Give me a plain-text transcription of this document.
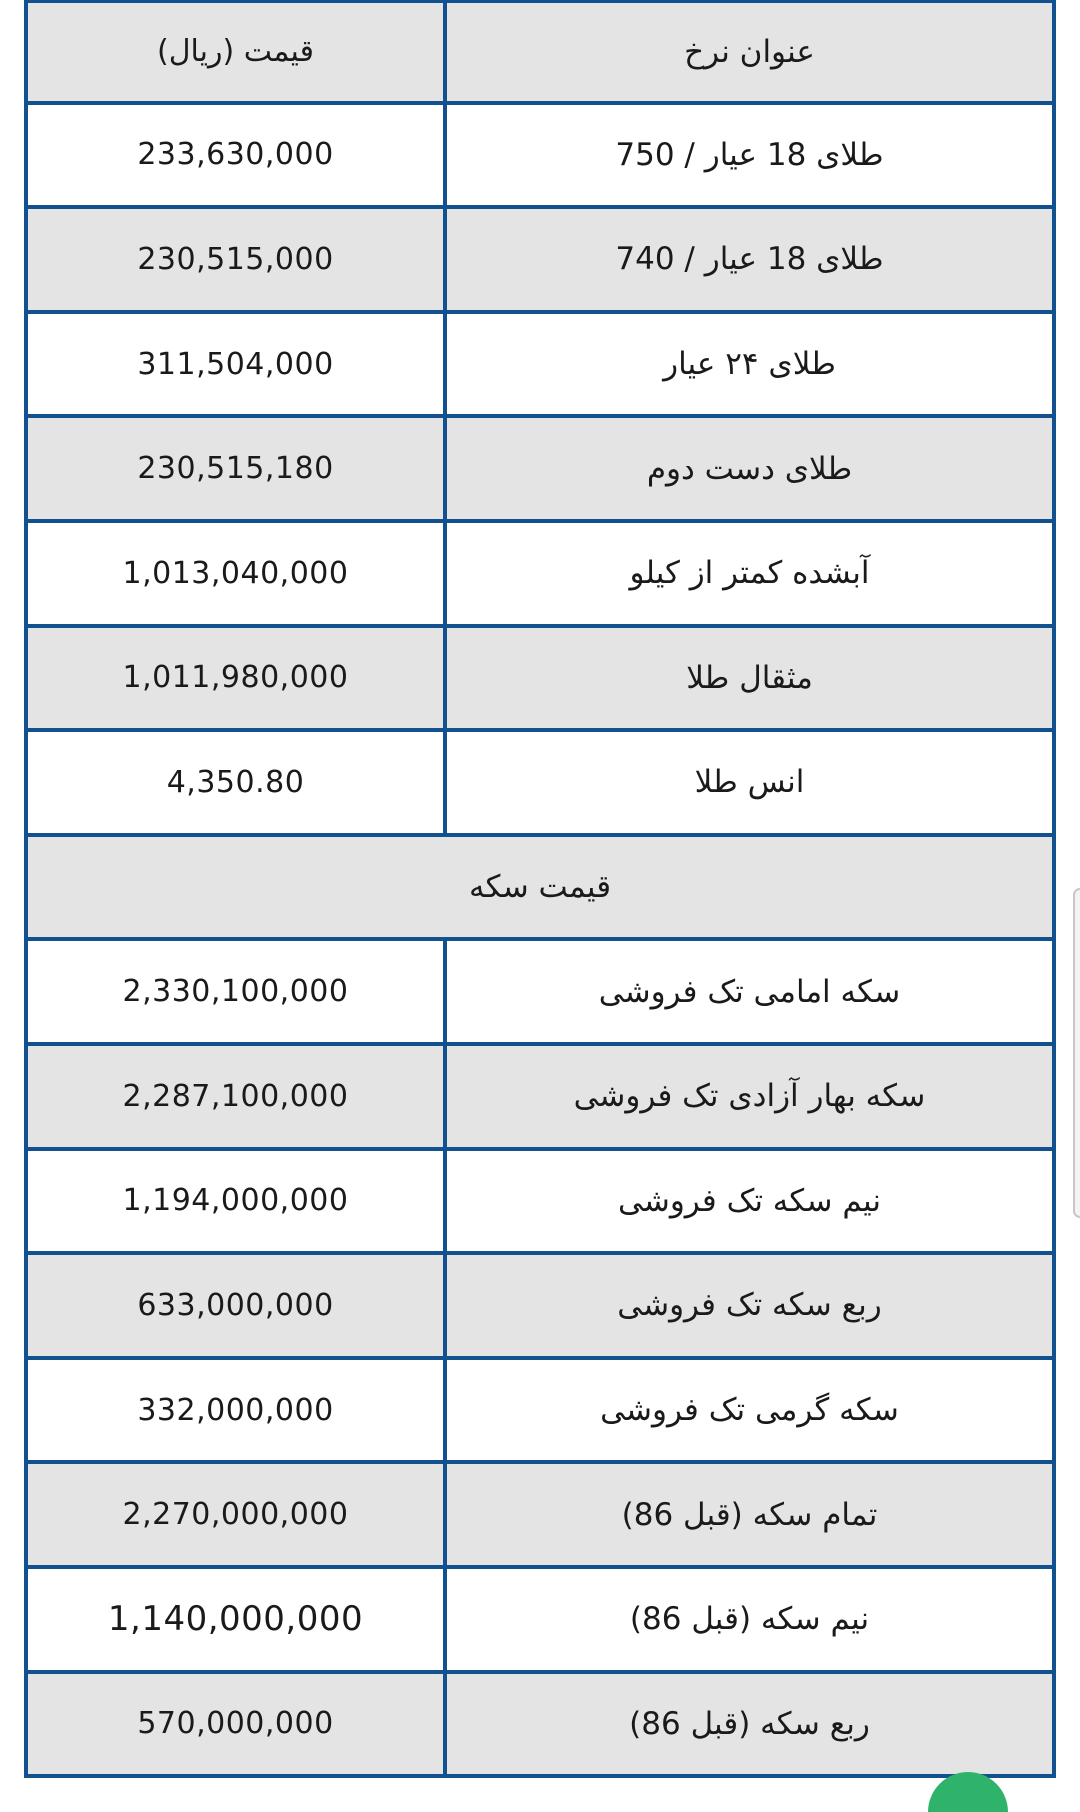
عنوان نرخ
قیمت (ریال)
طلای 18 عیار / 750
233,630,000
طلای 18 عیار / 740
230,515,000
طلای ۲۴ عیار
311,504,000
طلای دست دوم
230,515,180
آبشده کمتر از کیلو
1,013,040,000
مثقال طلا
1,011,980,000
انس طلا
4,350.80
قیمت سکه
سکه امامی تک فروشی
2,330,100,000
سکه بهار آزادی تک فروشی
2,287,100,000
نیم سکه تک فروشی
1,194,000,000
ربع سکه تک فروشی
633,000,000
سکه گرمی تک فروشی
332,000,000
تمام سکه (قبل 86)
2,270,000,000
نیم سکه (قبل 86)
1,140,000,000
ربع سکه (قبل 86)
570,000,000
